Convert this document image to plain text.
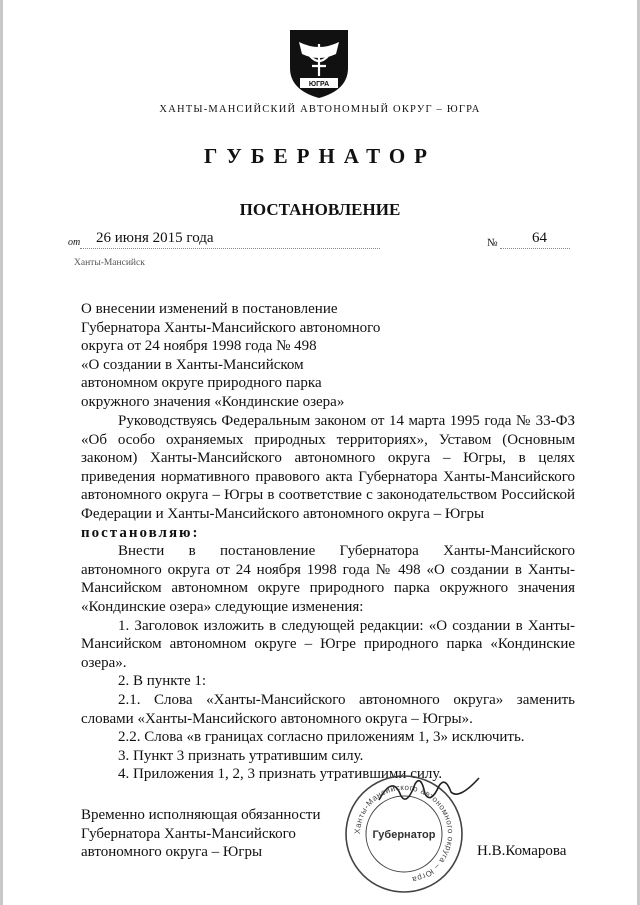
ЮГРА
ХАНТЫ-МАНСИЙСКИЙ АВТОНОМНЫЙ ОКРУГ – ЮГРА
ГУБЕРНАТОР
ПОСТАНОВЛЕНИЕ
от 26 июня 2015 года	№ 64
Ханты-Мансийск
О внесении изменений в постановление
Губернатора Ханты-Мансийского автономного
округа от 24 ноября 1998 года № 498
«О создании в Ханты-Мансийском
автономном округе природного парка
окружного значения «Кондинские озера»

Руководствуясь Федеральным законом от 14 марта 1995 года № 33-ФЗ «Об особо охраняемых природных территориях», Уставом (Основным законом) Ханты-Мансийского автономного округа – Югры, в целях приведения нормативного правового акта Губернатора Ханты-Мансийского автономного округа – Югры в соответствие с законодательством Российской Федерации и Ханты-Мансийского автономного округа – Югры

постановляю:

Внести в постановление Губернатора Ханты-Мансийского автономного округа от 24 ноября 1998 года № 498 «О создании в Ханты-Мансийском автономном округе природного парка окружного значения «Кондинские озера» следующие изменения:

1. Заголовок изложить в следующей редакции: «О создании в Ханты-Мансийском автономном округе – Югре природного парка «Кондинские озера».

2. В пункте 1:

2.1. Слова «Ханты-Мансийского автономного округа» заменить словами «Ханты-Мансийского автономного округа – Югры».

2.2. Слова «в границах согласно приложениям 1, 3» исключить.

3. Пункт 3 признать утратившим силу.

4. Приложения 1, 2, 3 признать утратившими силу.

Временно исполняющая обязанности
Губернатора Ханты-Мансийского
автономного округа – Югры	Н.В.Комарова
Ханты-Мансийского автономного округа – Югра
Губернатор
